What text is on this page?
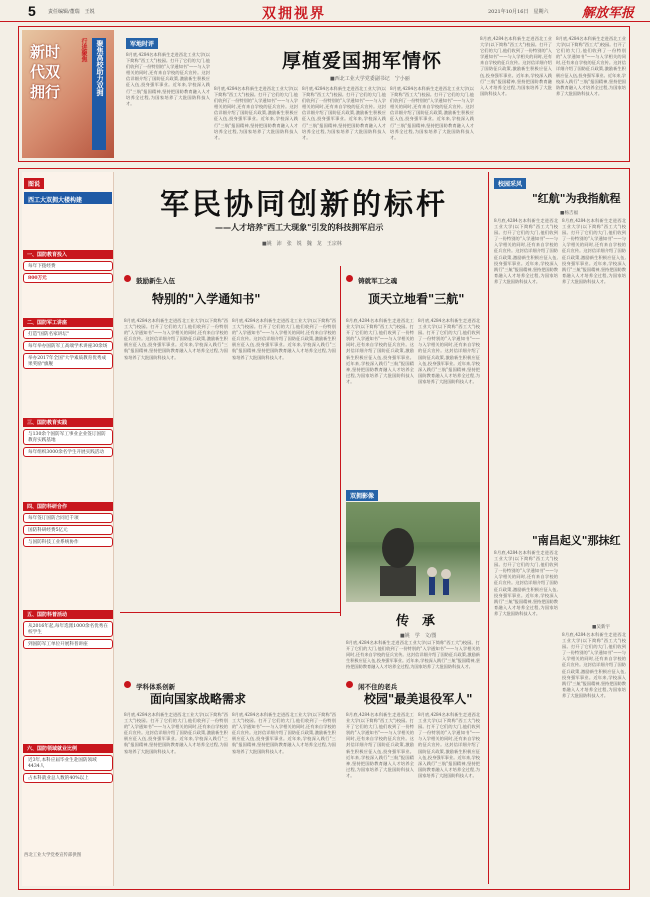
5 责任编辑/董瑞　王锐	双拥视界	2021年10月16日　星期六	解放军报
新时代双拥行
行进聚焦	聚焦高校助力双拥	军地时评
厚植爱国拥军情怀
■西北工业大学党委副书记　宁小丽
8月底,4284名本科新生走进西北工业大学(以下简称"西工大")校园。打开了它们的大门,他们收到了一份特别的"入学通知书"——与入学相关的同时,还有来自学校的征兵宣传。这封信详细介绍了国防征兵政策,激励新生积极应征入伍,投身强军事业。近年来,学校深入践行"三航"报国精神,坚持把国防教育融入人才培养全过程,为国家培养了大批国防科技人才。
8月底,4284名本科新生走进西北工业大学(以下简称"西工大")校园。打开了它们的大门,他们收到了一份特别的"入学通知书"——与入学相关的同时,还有来自学校的征兵宣传。这封信详细介绍了国防征兵政策,激励新生积极应征入伍,投身强军事业。近年来,学校深入践行"三航"报国精神,坚持把国防教育融入人才培养全过程,为国家培养了大批国防科技人才。
8月底,4284名本科新生走进西北工业大学(以下简称"西工大")校园。打开了它们的大门,他们收到了一份特别的"入学通知书"——与入学相关的同时,还有来自学校的征兵宣传。这封信详细介绍了国防征兵政策,激励新生积极应征入伍,投身强军事业。近年来,学校深入践行"三航"报国精神,坚持把国防教育融入人才培养全过程,为国家培养了大批国防科技人才。
8月底,4284名本科新生走进西北工业大学(以下简称"西工大")校园。打开了它们的大门,他们收到了一份特别的"入学通知书"——与入学相关的同时,还有来自学校的征兵宣传。这封信详细介绍了国防征兵政策,激励新生积极应征入伍,投身强军事业。近年来,学校深入践行"三航"报国精神,坚持把国防教育融入人才培养全过程,为国家培养了大批国防科技人才。
8月底,4284名本科新生走进西北工业大学(以下简称"西工大")校园。打开了它们的大门,他们收到了一份特别的"入学通知书"——与入学相关的同时,还有来自学校的征兵宣传。这封信详细介绍了国防征兵政策,激励新生积极应征入伍,投身强军事业。近年来,学校深入践行"三航"报国精神,坚持把国防教育融入人才培养全过程,为国家培养了大批国防科技人才。
8月底,4284名本科新生走进西北工业大学(以下简称"西工大")校园。打开了它们的大门,他们收到了一份特别的"入学通知书"——与入学相关的同时,还有来自学校的征兵宣传。这封信详细介绍了国防征兵政策,激励新生积极应征入伍,投身强军事业。近年来,学校深入践行"三航"报国精神,坚持把国防教育融入人才培养全过程,为国家培养了大批国防科技人才。
图说
西工大双拥大楼构建
一、国防教育投入
每年下拨经费
800万元
二、国防军工讲座
打造"国防名家讲坛"
每年举办国防军工高端学术讲座30余场
举办2017年全国"大学素质教育优秀成果奖励"旗舰
三、国防教育实践
与130余个国防军工事业企业签订国防教育实践基地
每年组织3000余名学生开展实践活动
四、国防科研合作
每年签订国防合同近千项
国防科研经费5亿元
与国防科技工业系统协作
五、国防科普活动
从2016年起,每年选派1000余名优秀在校学生
到国防军工单位开展科普讲座
六、国防领域就业比例
近3年,本科应届毕业生赴国防领域4434人
占本科就业总人数的40%以上
西北工业大学党委宣传部供图
军民协同创新的标杆
——人才培养"西工大现象"引发的科技拥军启示
■姚　沛　张　锐　魏　龙　王宗林
鼓励新生入伍
特别的"入学通知书"
8月底,4284名本科新生走进西北工业大学(以下简称"西工大")校园。打开了它们的大门,他们收到了一份特别的"入学通知书"——与入学相关的同时,还有来自学校的征兵宣传。这封信详细介绍了国防征兵政策,激励新生积极应征入伍,投身强军事业。近年来,学校深入践行"三航"报国精神,坚持把国防教育融入人才培养全过程,为国家培养了大批国防科技人才。
8月底,4284名本科新生走进西北工业大学(以下简称"西工大")校园。打开了它们的大门,他们收到了一份特别的"入学通知书"——与入学相关的同时,还有来自学校的征兵宣传。这封信详细介绍了国防征兵政策,激励新生积极应征入伍,投身强军事业。近年来,学校深入践行"三航"报国精神,坚持把国防教育融入人才培养全过程,为国家培养了大批国防科技人才。
铸就军工之魂
顶天立地看"三航"
8月底,4284名本科新生走进西北工业大学(以下简称"西工大")校园。打开了它们的大门,他们收到了一份特别的"入学通知书"——与入学相关的同时,还有来自学校的征兵宣传。这封信详细介绍了国防征兵政策,激励新生积极应征入伍,投身强军事业。近年来,学校深入践行"三航"报国精神,坚持把国防教育融入人才培养全过程,为国家培养了大批国防科技人才。
8月底,4284名本科新生走进西北工业大学(以下简称"西工大")校园。打开了它们的大门,他们收到了一份特别的"入学通知书"——与入学相关的同时,还有来自学校的征兵宣传。这封信详细介绍了国防征兵政策,激励新生积极应征入伍,投身强军事业。近年来,学校深入践行"三航"报国精神,坚持把国防教育融入人才培养全过程,为国家培养了大批国防科技人才。
双拥影像
传　承
■姚　学　文/图
8月底,4284名本科新生走进西北工业大学(以下简称"西工大")校园。打开了它们的大门,他们收到了一份特别的"入学通知书"——与入学相关的同时,还有来自学校的征兵宣传。这封信详细介绍了国防征兵政策,激励新生积极应征入伍,投身强军事业。近年来,学校深入践行"三航"报国精神,坚持把国防教育融入人才培养全过程,为国家培养了大批国防科技人才。
学科体系创新
面向国家战略需求
8月底,4284名本科新生走进西北工业大学(以下简称"西工大")校园。打开了它们的大门,他们收到了一份特别的"入学通知书"——与入学相关的同时,还有来自学校的征兵宣传。这封信详细介绍了国防征兵政策,激励新生积极应征入伍,投身强军事业。近年来,学校深入践行"三航"报国精神,坚持把国防教育融入人才培养全过程,为国家培养了大批国防科技人才。
8月底,4284名本科新生走进西北工业大学(以下简称"西工大")校园。打开了它们的大门,他们收到了一份特别的"入学通知书"——与入学相关的同时,还有来自学校的征兵宣传。这封信详细介绍了国防征兵政策,激励新生积极应征入伍,投身强军事业。近年来,学校深入践行"三航"报国精神,坚持把国防教育融入人才培养全过程,为国家培养了大批国防科技人才。
闲不住的老兵
校园"最美退役军人"
8月底,4284名本科新生走进西北工业大学(以下简称"西工大")校园。打开了它们的大门,他们收到了一份特别的"入学通知书"——与入学相关的同时,还有来自学校的征兵宣传。这封信详细介绍了国防征兵政策,激励新生积极应征入伍,投身强军事业。近年来,学校深入践行"三航"报国精神,坚持把国防教育融入人才培养全过程,为国家培养了大批国防科技人才。
8月底,4284名本科新生走进西北工业大学(以下简称"西工大")校园。打开了它们的大门,他们收到了一份特别的"入学通知书"——与入学相关的同时,还有来自学校的征兵宣传。这封信详细介绍了国防征兵政策,激励新生积极应征入伍,投身强军事业。近年来,学校深入践行"三航"报国精神,坚持把国防教育融入人才培养全过程,为国家培养了大批国防科技人才。
校园采风
"红航"为我指航程
■杨吉福
8月底,4284名本科新生走进西北工业大学(以下简称"西工大")校园。打开了它们的大门,他们收到了一份特别的"入学通知书"——与入学相关的同时,还有来自学校的征兵宣传。这封信详细介绍了国防征兵政策,激励新生积极应征入伍,投身强军事业。近年来,学校深入践行"三航"报国精神,坚持把国防教育融入人才培养全过程,为国家培养了大批国防科技人才。
8月底,4284名本科新生走进西北工业大学(以下简称"西工大")校园。打开了它们的大门,他们收到了一份特别的"入学通知书"——与入学相关的同时,还有来自学校的征兵宣传。这封信详细介绍了国防征兵政策,激励新生积极应征入伍,投身强军事业。近年来,学校深入践行"三航"报国精神,坚持把国防教育融入人才培养全过程,为国家培养了大批国防科技人才。
"南昌起义"那抹红
■吴新宇
8月底,4284名本科新生走进西北工业大学(以下简称"西工大")校园。打开了它们的大门,他们收到了一份特别的"入学通知书"——与入学相关的同时,还有来自学校的征兵宣传。这封信详细介绍了国防征兵政策,激励新生积极应征入伍,投身强军事业。近年来,学校深入践行"三航"报国精神,坚持把国防教育融入人才培养全过程,为国家培养了大批国防科技人才。
8月底,4284名本科新生走进西北工业大学(以下简称"西工大")校园。打开了它们的大门,他们收到了一份特别的"入学通知书"——与入学相关的同时,还有来自学校的征兵宣传。这封信详细介绍了国防征兵政策,激励新生积极应征入伍,投身强军事业。近年来,学校深入践行"三航"报国精神,坚持把国防教育融入人才培养全过程,为国家培养了大批国防科技人才。
